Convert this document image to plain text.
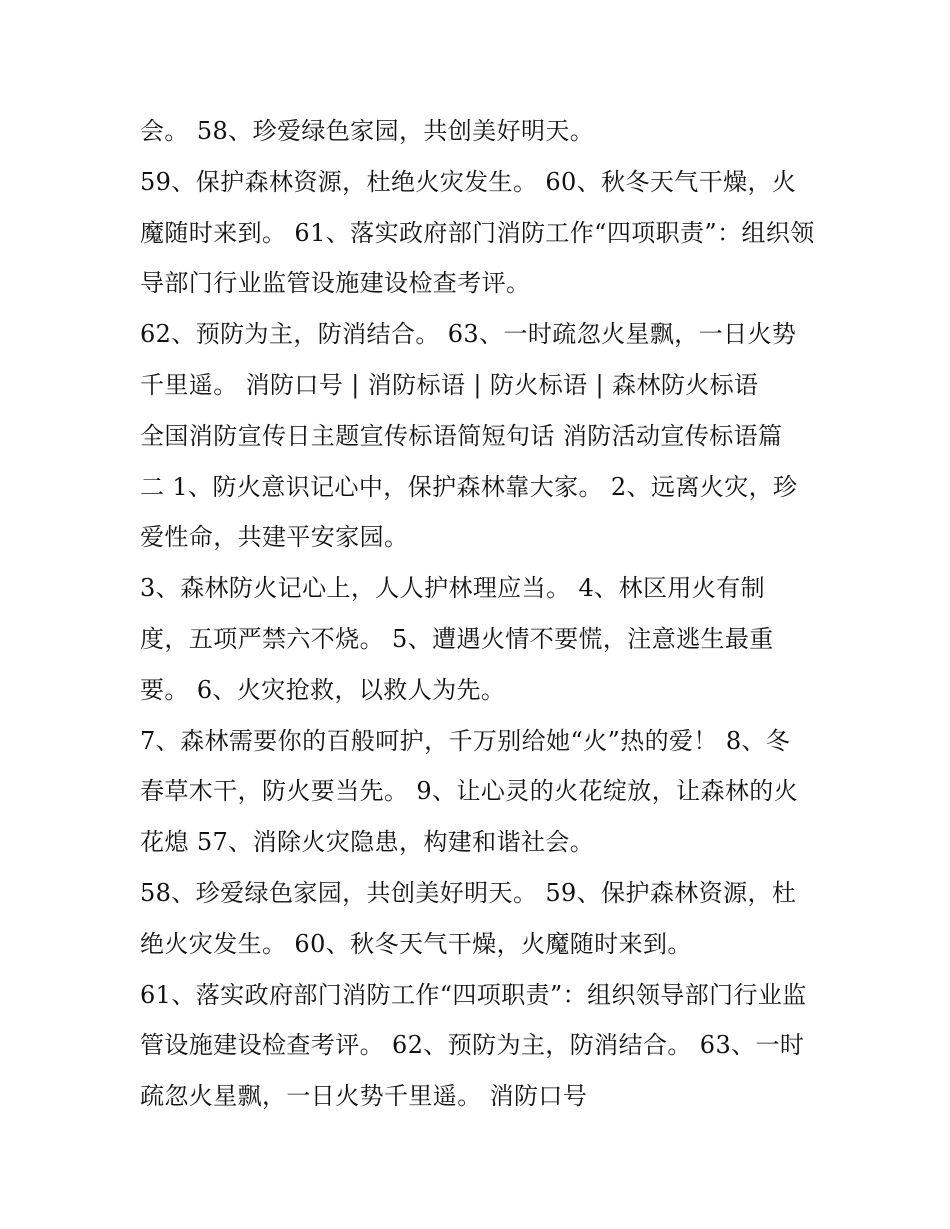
会。 58、珍爱绿色家园，共创美好明天。
59、保护森林资源，杜绝火灾发生。 60、秋冬天气干燥，火
魔随时来到。 61、落实政府部门消防工作“四项职责”：组织领
导部门行业监管设施建设检查考评。
62、预防为主，防消结合。 63、一时疏忽火星飘，一日火势
千里遥。 消防口号 | 消防标语 | 防火标语 | 森林防火标语
全国消防宣传日主题宣传标语简短句话 消防活动宣传标语篇
二 1、防火意识记心中，保护森林靠大家。 2、远离火灾，珍
爱性命，共建平安家园。
3、森林防火记心上，人人护林理应当。 4、林区用火有制
度，五项严禁六不烧。 5、遭遇火情不要慌，注意逃生最重
要。 6、火灾抢救，以救人为先。
7、森林需要你的百般呵护，千万别给她“火”热的爱！ 8、冬
春草木干，防火要当先。 9、让心灵的火花绽放，让森林的火
花熄 57、消除火灾隐患，构建和谐社会。
58、珍爱绿色家园，共创美好明天。 59、保护森林资源，杜
绝火灾发生。 60、秋冬天气干燥，火魔随时来到。
61、落实政府部门消防工作“四项职责”：组织领导部门行业监
管设施建设检查考评。 62、预防为主，防消结合。 63、一时
疏忽火星飘，一日火势千里遥。 消防口号
